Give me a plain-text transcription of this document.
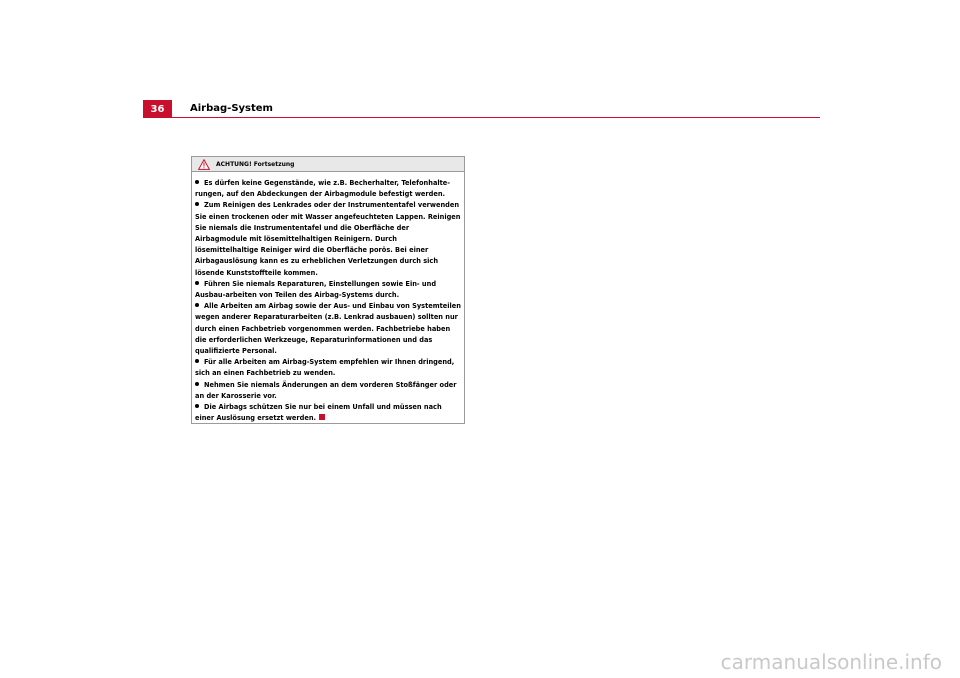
36	Airbag-System
ACHTUNG! Fortsetzung

Es dürfen keine Gegenstände, wie z.B. Becherhalter, Telefonhalte-rungen, auf den Abdeckungen der Airbagmodule befestigt werden.

Zum Reinigen des Lenkrades oder der Instrumententafel verwenden Sie einen trockenen oder mit Wasser angefeuchteten Lappen. Reinigen Sie niemals die Instrumententafel und die Oberfläche der Airbagmodule mit lösemittelhaltigen Reinigern. Durch lösemittelhaltige Reiniger wird die Oberfläche porös. Bei einer Airbagauslösung kann es zu erheblichen Verletzungen durch sich lösende Kunststoffteile kommen.

Führen Sie niemals Reparaturen, Einstellungen sowie Ein- und Ausbau-arbeiten von Teilen des Airbag-Systems durch.

Alle Arbeiten am Airbag sowie der Aus- und Einbau von Systemteilen wegen anderer Reparaturarbeiten (z.B. Lenkrad ausbauen) sollten nur durch einen Fachbetrieb vorgenommen werden. Fachbetriebe haben die erforderlichen Werkzeuge, Reparaturinformationen und das qualifizierte Personal.

Für alle Arbeiten am Airbag-System empfehlen wir Ihnen dringend, sich an einen Fachbetrieb zu wenden.

Nehmen Sie niemals Änderungen an dem vorderen Stoßfänger oder an der Karosserie vor.

Die Airbags schützen Sie nur bei einem Unfall und müssen nach einer Auslösung ersetzt werden.

carmanualsonline.info
